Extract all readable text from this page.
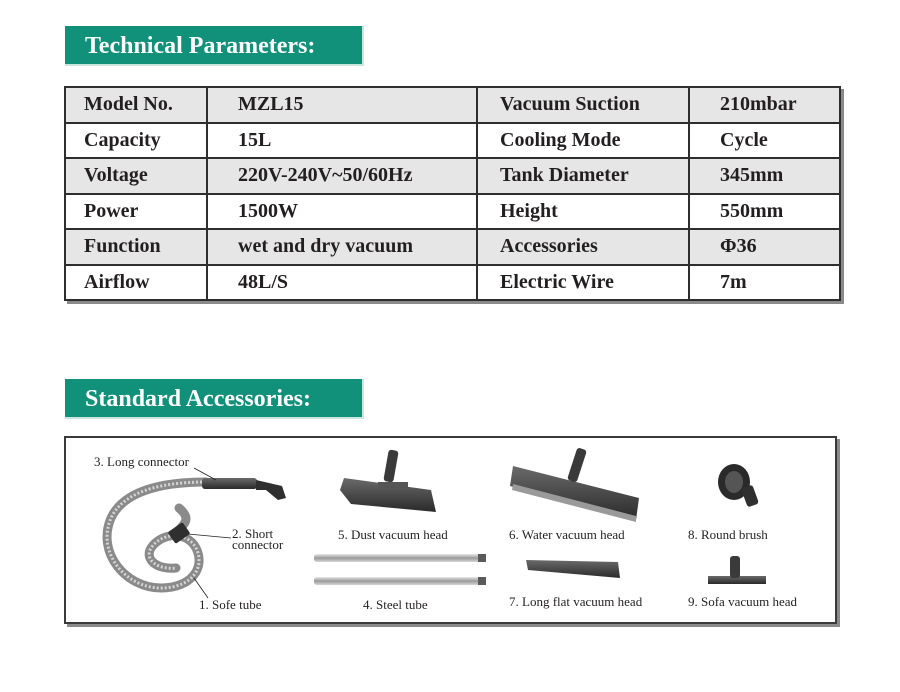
Technical Parameters:
Model No.	MZL15	Vacuum Suction	210mbar
Capacity	15L	Cooling Mode	Cycle
Voltage	220V-240V~50/60Hz	Tank Diameter	345mm
Power	1500W	Height	550mm
Function	wet and dry vacuum	Accessories	Φ36
Airflow	48L/S	Electric Wire	7m
Standard Accessories:
3. Long connector
2. Short
connector
1. Sofe tube
5. Dust vacuum head
4. Steel tube
6. Water vacuum head
7. Long flat vacuum head
8. Round brush
9. Sofa vacuum head
